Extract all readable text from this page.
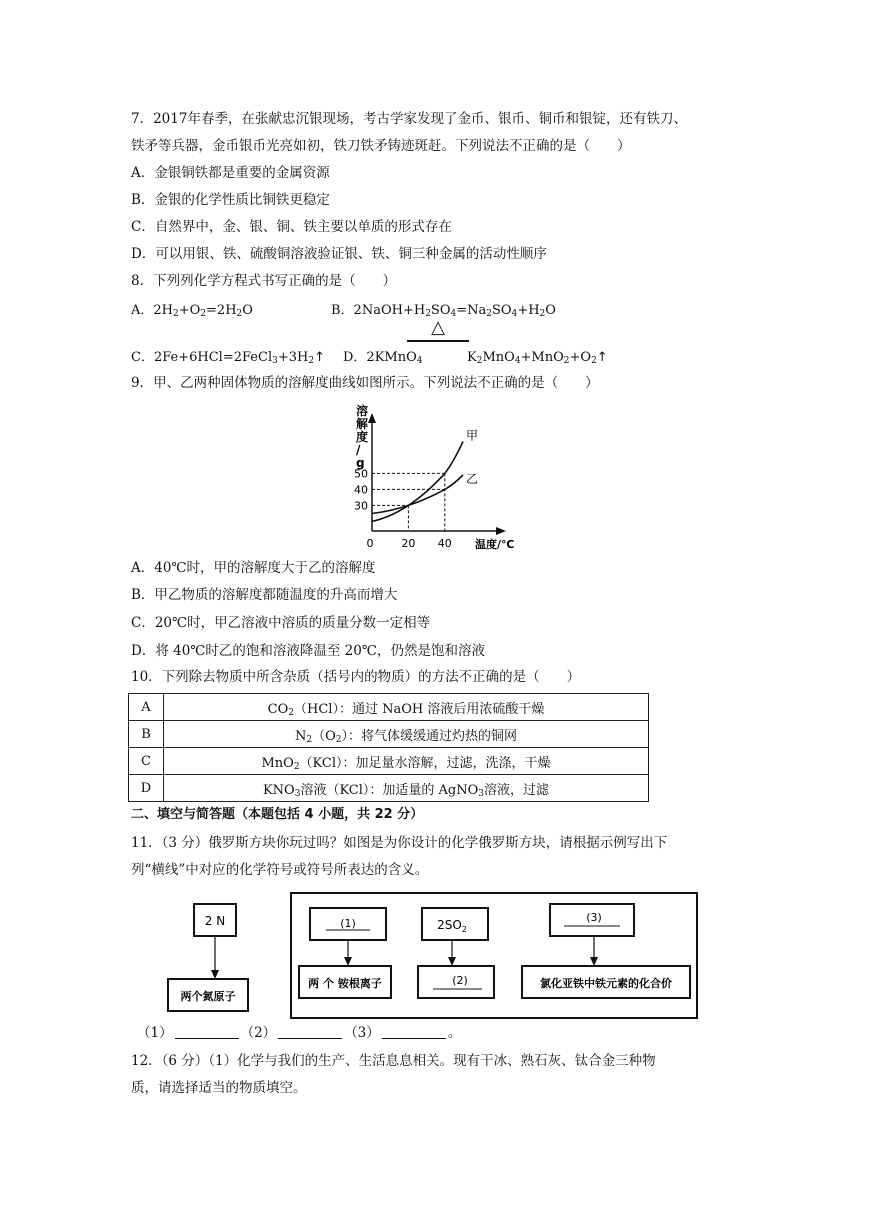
7．2017年春季，在张献忠沉银现场，考古学家发现了金币、银币、铜币和银锭，还有铁刀、
铁矛等兵器，金币银币光亮如初，铁刀铁矛铸迹斑赶。下列说法不正确的是（　　）
A．金银铜铁都是重要的金属资源
B．金银的化学性质比铜铁更稳定
C．自然界中，金、银、铜、铁主要以单质的形式存在
D．可以用银、铁、硫酸铜溶液验证银、铁、铜三种金属的活动性顺序
8．下列列化学方程式书写正确的是（　　）
A．$2H_2+O_2=2H_2O$	B．$2NaOH+H_2SO_4=Na_2SO_4+H_2O$
△
C．$2Fe+6HCl=2FeCl_3+3H_2↑$ D．2KMnO$_4$	$K_2MnO_4+MnO_2+O_2↑$
9．甲、乙两种固体物质的溶解度曲线如图所示。下列说法不正确的是（　　）
溶解度/ g
30
40
50
0	20 40
甲
乙
温度/℃
A．40℃时，甲的溶解度大于乙的溶解度
B．甲乙物质的溶解度都随温度的升高而增大
C．20℃时，甲乙溶液中溶质的质量分数一定相等
D．将 40℃时乙的饱和溶液降温至 20℃，仍然是饱和溶液
10．下列除去物质中所含杂质（括号内的物质）的方法不正确的是（　　）
A	$CO_2(HCl)$：通过 NaOH 溶液后用浓硫酸干燥
B	$N_2(O_2)$：将气体缓缓通过灼热的铜网
C	MnO$_2$（KCl）：加足量水溶解，过滤，洗涤，干燥
D	$KNO_3$溶液（KCl）：加适量的 AgNO$_3$溶液，过滤
二、填空与简答题（本题包括 4 小题，共 22 分）
11．（3 分）俄罗斯方块你玩过吗？如图是为你设计的化学俄罗斯方块，请根据示例写出下
列“横线”中对应的化学符号或符号所表达的含义。
2 N
两个氮原子
(1)
两 个 铵根离子
$2SO_2$
(2)
(3)
氯化亚铁中铁元素的化合价
（1）	（2）	（3）	。
12．（6 分）（1）化学与我们的生产、生活息息相关。现有干冰、熟石灰、钛合金三种物
质，请选择适当的物质填空。
